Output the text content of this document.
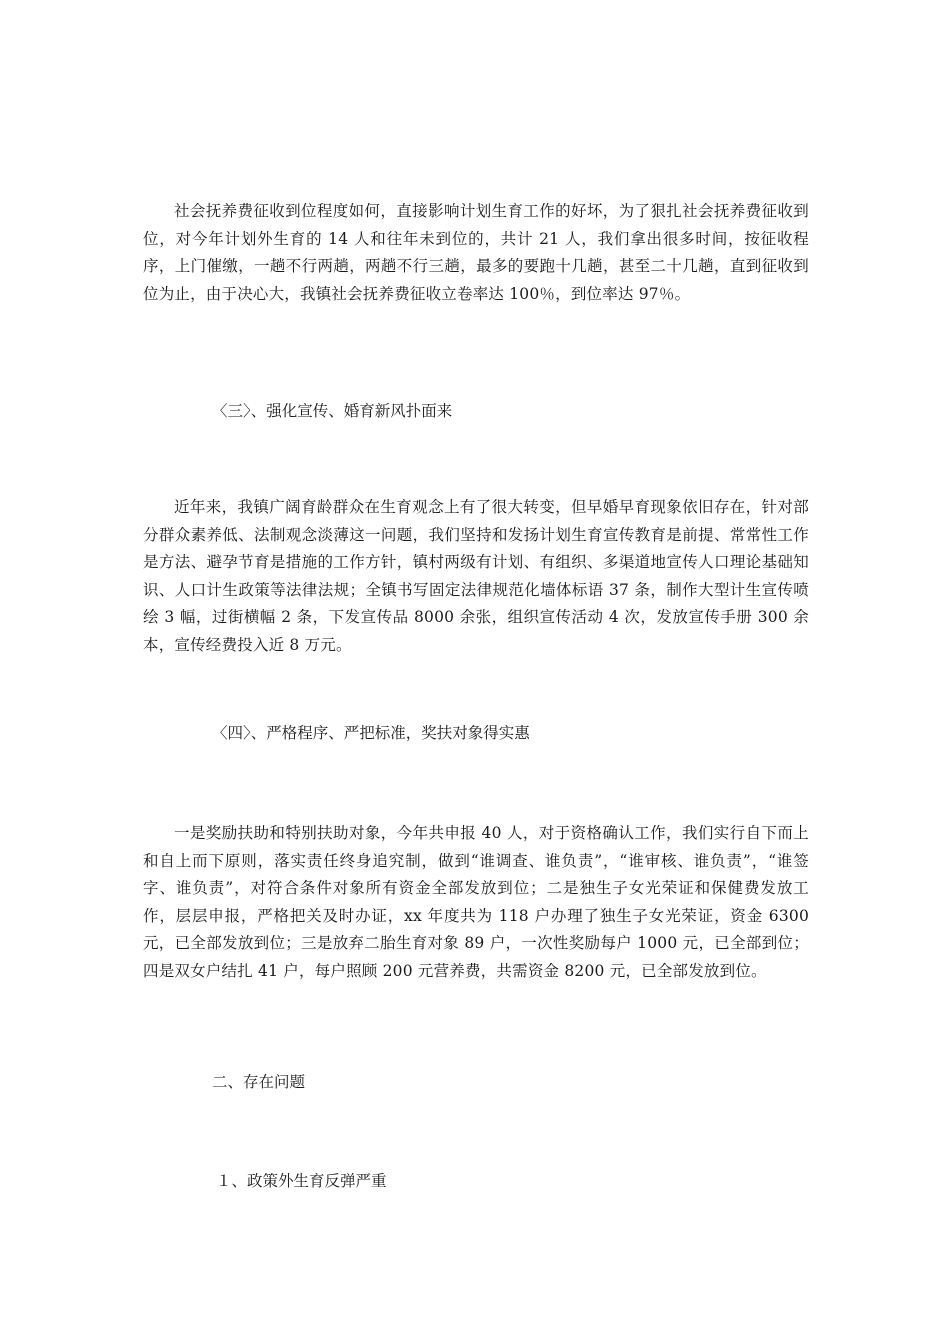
社会抚养费征收到位程度如何，直接影响计划生育工作的好坏，为了狠扎社会抚养费征收到位，对今年计划外生育的 14 人和往年未到位的，共计 21 人，我们拿出很多时间，按征收程序，上门催缴，一趟不行两趟，两趟不行三趟，最多的要跑十几趟，甚至二十几趟，直到征收到位为止，由于决心大，我镇社会抚养费征收立卷率达 100％，到位率达 97％。

〈三〉、强化宣传、婚育新风扑面来

近年来，我镇广阔育龄群众在生育观念上有了很大转变，但早婚早育现象依旧存在，针对部分群众素养低、法制观念淡薄这一问题，我们坚持和发扬计划生育宣传教育是前提、常常性工作是方法、避孕节育是措施的工作方针，镇村两级有计划、有组织、多渠道地宣传人口理论基础知识、人口计生政策等法律法规；全镇书写固定法律规范化墙体标语 37 条，制作大型计生宣传喷绘 3 幅，过街横幅 2 条，下发宣传品 8000 余张，组织宣传活动 4 次，发放宣传手册 300 余本，宣传经费投入近 8 万元。

〈四〉、严格程序、严把标准，奖扶对象得实惠

一是奖励扶助和特别扶助对象，今年共申报 40 人，对于资格确认工作，我们实行自下而上和自上而下原则，落实责任终身追究制，做到“谁调查、谁负责”，“谁审核、谁负责”，“谁签字、谁负责”，对符合条件对象所有资金全部发放到位；二是独生子女光荣证和保健费发放工作，层层申报，严格把关及时办证，xx 年度共为 118 户办理了独生子女光荣证，资金 6300 元，已全部发放到位；三是放弃二胎生育对象 89 户，一次性奖励每户 1000 元，已全部到位；四是双女户结扎 41 户，每户照顾 200 元营养费，共需资金 8200 元，已全部发放到位。

二、存在问题
１、政策外生育反弹严重
